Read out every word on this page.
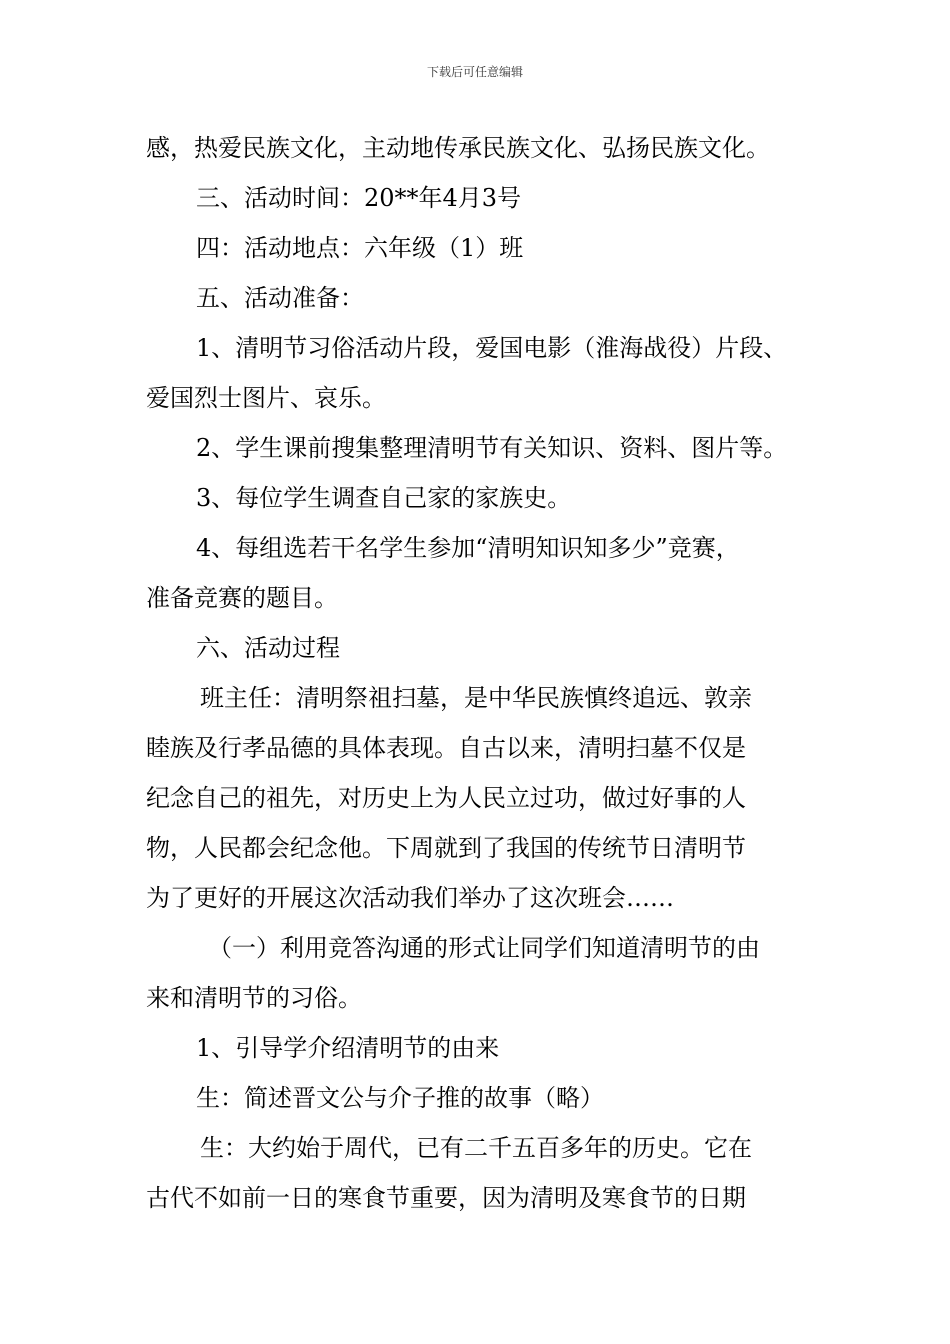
下载后可任意编辑
感，热爱民族文化，主动地传承民族文化、弘扬民族文化。
三、活动时间：20**年4月3号
四：活动地点：六年级（1）班
五、活动准备：
1、清明节习俗活动片段，爱国电影（淮海战役）片段、
爱国烈士图片、哀乐。
2、学生课前搜集整理清明节有关知识、资料、图片等。
3、每位学生调查自己家的家族史。
4、每组选若干名学生参加“清明知识知多少”竞赛，
准备竞赛的题目。
六、活动过程
班主任：清明祭祖扫墓，是中华民族慎终追远、敦亲
睦族及行孝品德的具体表现。自古以来，清明扫墓不仅是
纪念自己的祖先，对历史上为人民立过功，做过好事的人
物，人民都会纪念他。下周就到了我国的传统节日清明节
为了更好的开展这次活动我们举办了这次班会……
（一）利用竞答沟通的形式让同学们知道清明节的由
来和清明节的习俗。
1、引导学介绍清明节的由来
生：简述晋文公与介子推的故事（略）
生：大约始于周代，已有二千五百多年的历史。它在
古代不如前一日的寒食节重要，因为清明及寒食节的日期
